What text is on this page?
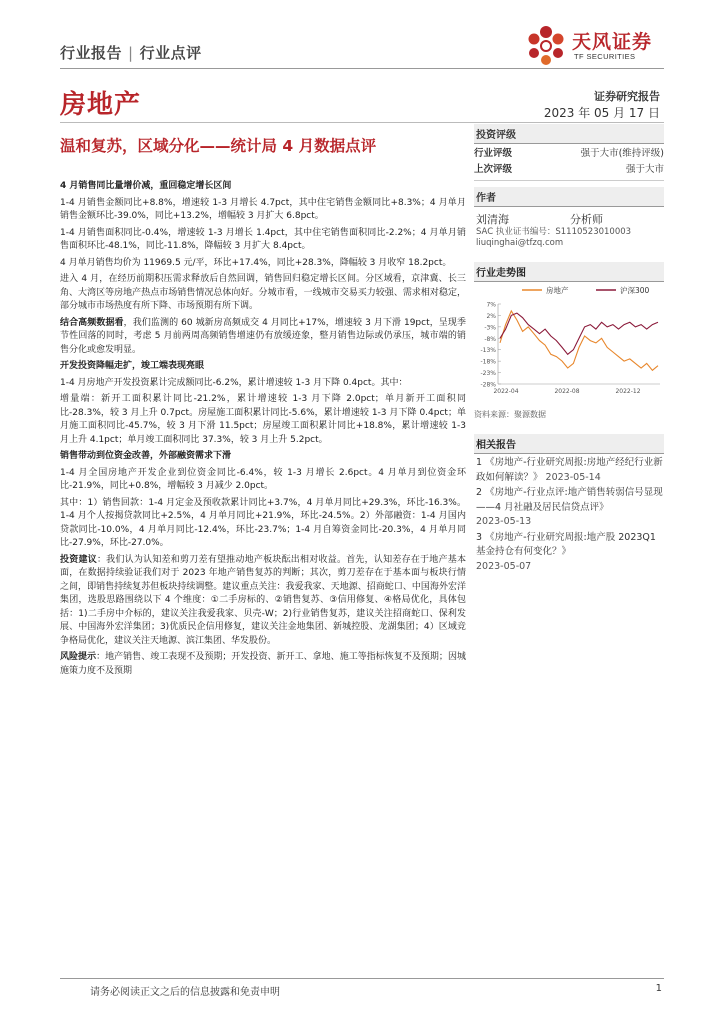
行业报告 | 行业点评	天风证券
TF SECURITIES
房地产	证券研究报告
2023 年 05 月 17 日
温和复苏，区域分化——统计局 4 月数据点评
4 月销售同比量增价减，重回稳定增长区间

1-4 月销售金额同比+8.8%，增速较 1-3 月增长 4.7pct，其中住宅销售金额同比+8.3%；4 月单月销售金额环比-39.0%，同比+13.2%，增幅较 3 月扩大 6.8pct。

1-4 月销售面积同比-0.4%，增速较 1-3 月增长 1.4pct，其中住宅销售面积同比-2.2%；4 月单月销售面积环比-48.1%，同比-11.8%，降幅较 3 月扩大 8.4pct。

4 月单月销售均价为 11969.5 元/平，环比+17.4%，同比+28.3%，降幅较 3 月收窄 18.2pct。

进入 4 月，在经历前期积压需求释放后自然回调，销售回归稳定增长区间。分区域看，京津冀、长三角、大湾区等房地产热点市场销售情况总体向好。分城市看，一线城市交易买力较强、需求相对稳定，部分城市市场热度有所下降、市场预期有所下调。

结合高频数据看，我们监测的 60 城新房高频成交 4 月同比+17%，增速较 3 月下滑 19pct，呈现季节性回落的同时，考虑 5 月前两周高频销售增速仍有放缓迹象，整月销售边际或仍承压，城市端的销售分化或愈发明显。

开发投资降幅走扩，竣工端表现亮眼

1-4 月房地产开发投资累计完成额同比-6.2%，累计增速较 1-3 月下降 0.4pct。其中：

增量端：新开工面积累计同比-21.2%，累计增速较 1-3 月下降 2.0pct；单月新开工面积同比-28.3%，较 3 月上升 0.7pct。房屋施工面积累计同比-5.6%，累计增速较 1-3 月下降 0.4pct；单月施工面积同比-45.7%，较 3 月下滑 11.5pct；房屋竣工面积累计同比+18.8%，累计增速较 1-3 月上升 4.1pct；单月竣工面积同比 37.3%，较 3 月上升 5.2pct。

销售带动到位资金改善，外部融资需求下滑

1-4 月全国房地产开发企业到位资金同比-6.4%，较 1-3 月增长 2.6pct。4 月单月到位资金环比-21.9%，同比+0.8%，增幅较 3 月减少 2.0pct。

其中：1）销售回款：1-4 月定金及预收款累计同比+3.7%，4 月单月同比+29.3%，环比-16.3%。1-4 月个人按揭贷款同比+2.5%，4 月单月同比+21.9%，环比-24.5%。2）外部融资：1-4 月国内贷款同比-10.0%，4 月单月同比-12.4%，环比-23.7%；1-4 月自筹资金同比-20.3%，4 月单月同比-27.9%，环比-27.0%。

投资建议：我们认为认知差和剪刀差有望推动地产板块酝出相对收益。首先，认知差存在于地产基本面，在数据持续验证我们对于 2023 年地产销售复苏的判断；其次，剪刀差存在于基本面与板块行情之间，即销售持续复苏但板块持续调整。建议重点关注：我爱我家、天地源、招商蛇口、中国海外宏洋集团，选股思路围绕以下 4 个维度：①二手房标的、②销售复苏、③信用修复、④格局优化，具体包括：1)二手房中介标的，建议关注我爱我家、贝壳-W；2)行业销售复苏，建议关注招商蛇口、保利发展、中国海外宏洋集团；3)优质民企信用修复，建议关注金地集团、新城控股、龙湖集团；4）区域竞争格局优化，建议关注天地源、滨江集团、华发股份。

风险提示：地产销售、竣工表现不及预期；开发投资、新开工、拿地、施工等指标恢复不及预期；因城施策力度不及预期

投资评级
行业评级	强于大市(维持评级)
上次评级	强于大市
作者
刘清海	分析师
SAC 执业证书编号：S1110523010003
liuqinghai@tfzq.com
行业走势图
房地产	沪深300
7%
2%
-3%
-8%
-13%
-18%
-23%
-28%
2022-04	2022-08	2022-12
资料来源：聚源数据
相关报告
1 《房地产-行业研究周报:房地产经纪行业新政如何解读？》 2023-05-14
2 《房地产-行业点评:地产销售转弱信号显现——4 月社融及居民信贷点评》
2023-05-13
3 《房地产-行业研究周报:地产股 2023Q1 基金持仓有何变化？》
2023-05-07
请务必阅读正文之后的信息披露和免责申明	1
